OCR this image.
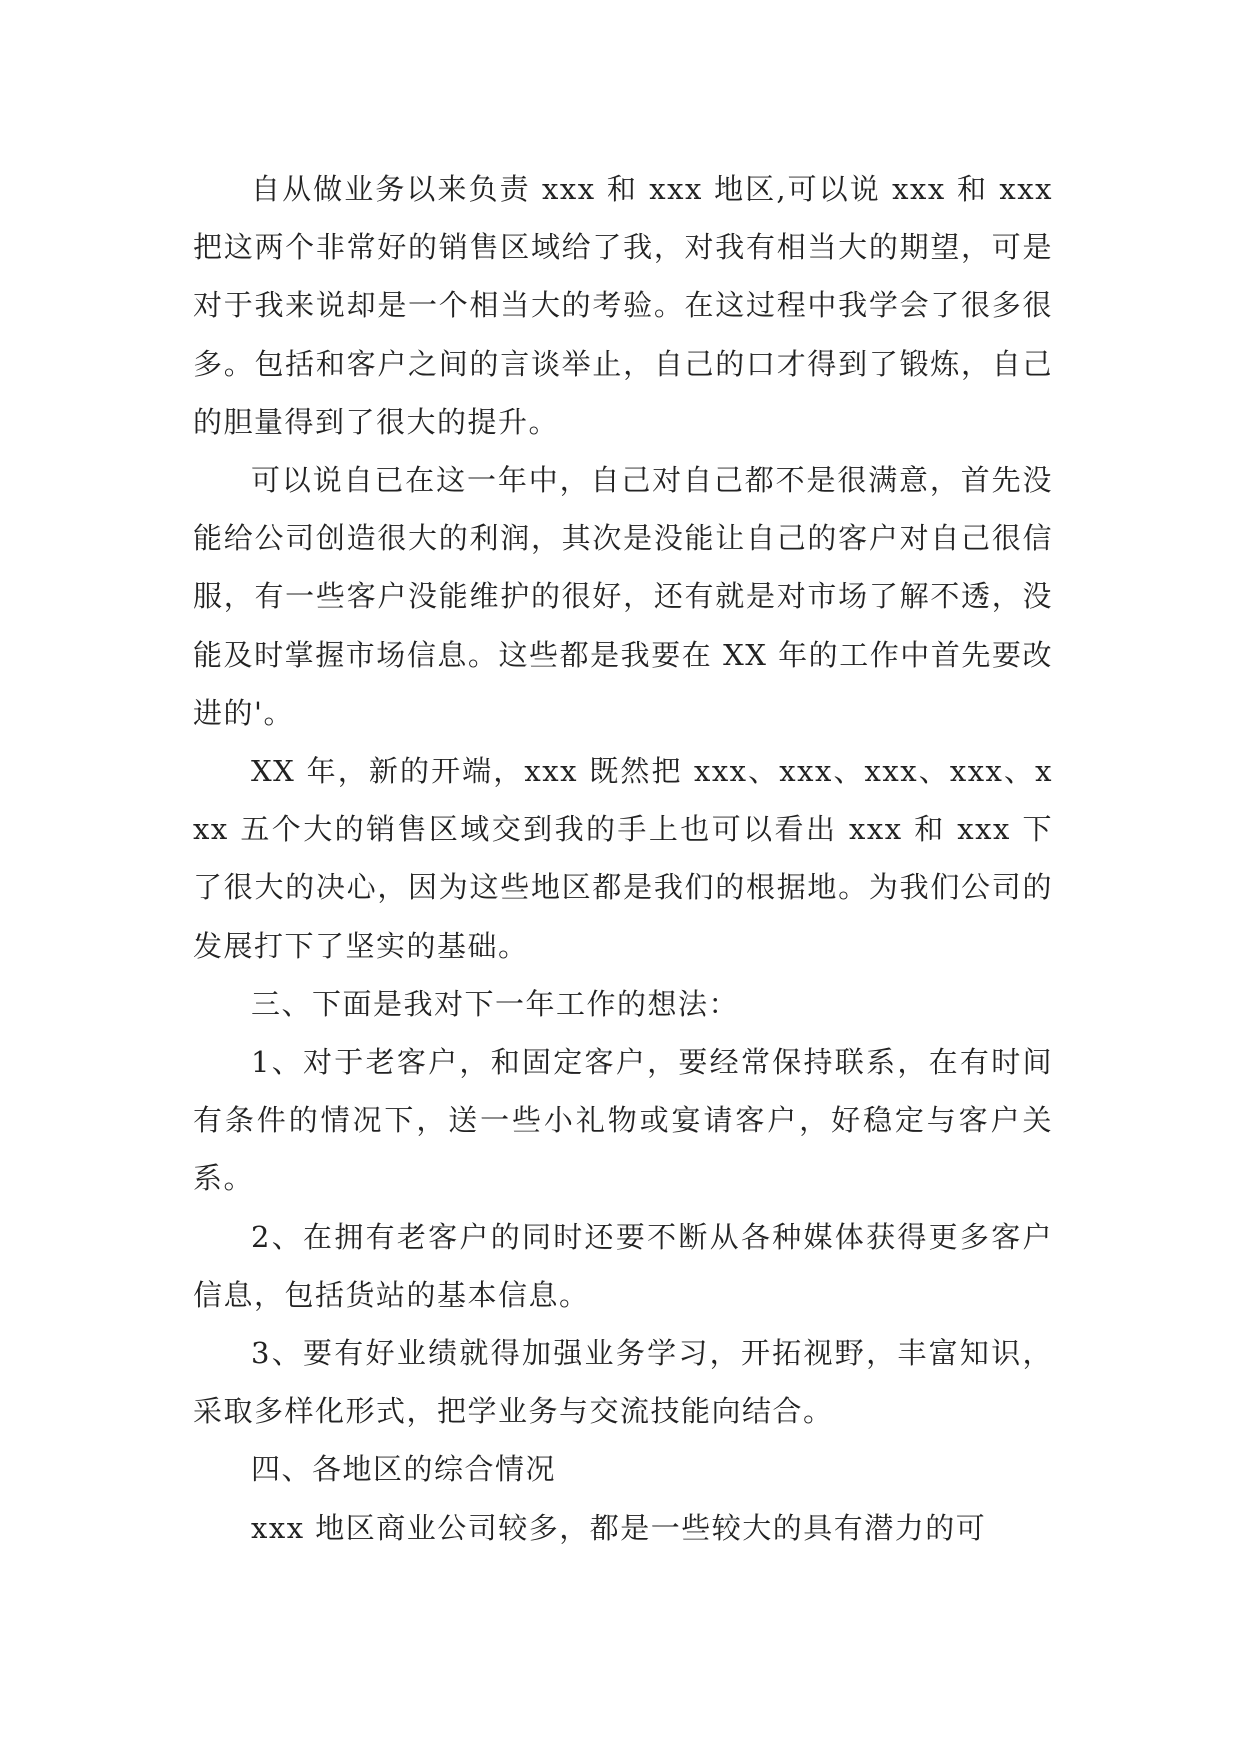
自从做业务以来负责 xxx 和 xxx 地区,可以说 xxx 和 xxx 把这两个非常好的销售区域给了我，对我有相当大的期望，可是对于我来说却是一个相当大的考验。在这过程中我学会了很多很多。包括和客户之间的言谈举止，自己的口才得到了锻炼，自己的胆量得到了很大的提升。

可以说自已在这一年中，自己对自己都不是很满意，首先没能给公司创造很大的利润，其次是没能让自己的客户对自己很信服，有一些客户没能维护的很好，还有就是对市场了解不透，没能及时掌握市场信息。这些都是我要在 XX 年的工作中首先要改进的'。

XX 年，新的开端，xxx 既然把 xxx、xxx、xxx、xxx、xxx 五个大的销售区域交到我的手上也可以看出 xxx 和 xxx 下了很大的决心，因为这些地区都是我们的根据地。为我们公司的发展打下了坚实的基础。

三、下面是我对下一年工作的想法：

1、对于老客户，和固定客户，要经常保持联系，在有时间有条件的情况下，送一些小礼物或宴请客户，好稳定与客户关系。

2、在拥有老客户的同时还要不断从各种媒体获得更多客户信息，包括货站的基本信息。

3、要有好业绩就得加强业务学习，开拓视野，丰富知识，采取多样化形式，把学业务与交流技能向结合。

四、各地区的综合情况

xxx 地区商业公司较多，都是一些较大的具有潜力的可
